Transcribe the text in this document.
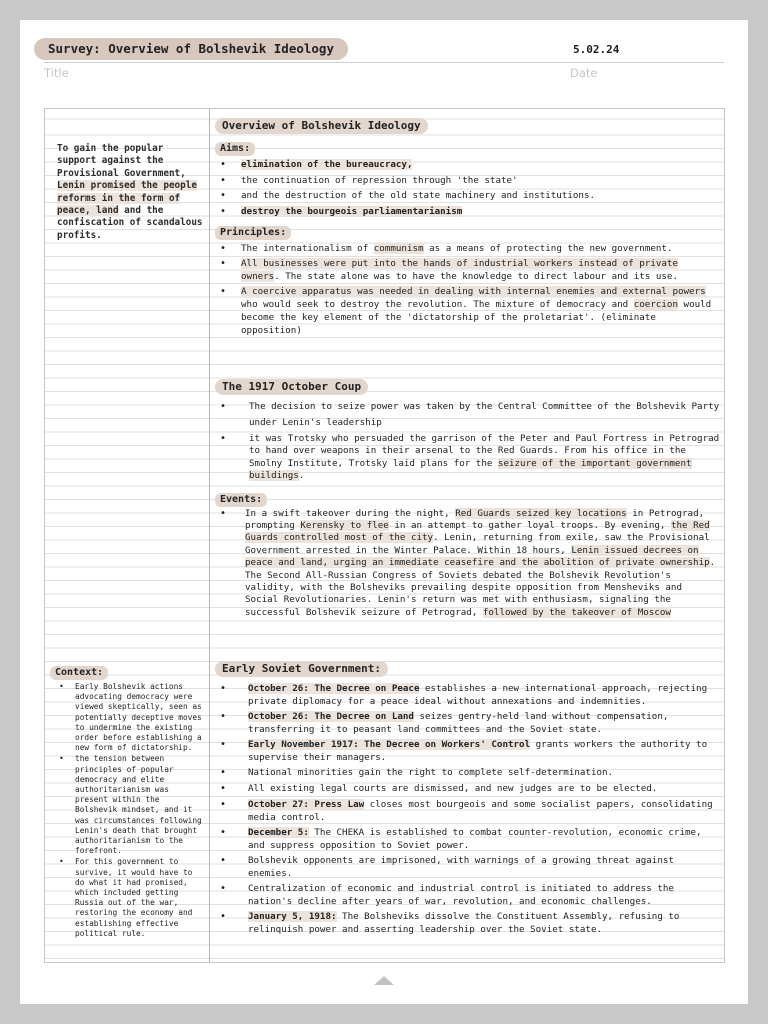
Survey: Overview of Bolshevik Ideology	5.02.24
Title	Date
To gain the popular support against the Provisional Government, Lenin promised the people reforms in the form of peace, land and the confiscation of scandalous profits.
Overview of Bolshevik Ideology
Aims:
• elimination of the bureaucracy,
• the continuation of repression through 'the state'
• and the destruction of the old state machinery and institutions.
• destroy the bourgeois parliamentarianism
Principles:
• The internationalism of communism as a means of protecting the new government.
• All businesses were put into the hands of industrial workers instead of private owners. The state alone was to have the knowledge to direct labour and its use.
• A coercive apparatus was needed in dealing with internal enemies and external powers who would seek to destroy the revolution. The mixture of democracy and coercion would become the key element of the 'dictatorship of the proletariat'. (eliminate opposition)
The 1917 October Coup
• The decision to seize power was taken by the Central Committee of the Bolshevik Party under Lenin's leadership
• it was Trotsky who persuaded the garrison of the Peter and Paul Fortress in Petrograd to hand over weapons in their arsenal to the Red Guards. From his office in the Smolny Institute, Trotsky laid plans for the seizure of the important government buildings.
Events:
• In a swift takeover during the night, Red Guards seized key locations in Petrograd, prompting Kerensky to flee in an attempt to gather loyal troops. By evening, the Red Guards controlled most of the city. Lenin, returning from exile, saw the Provisional Government arrested in the Winter Palace. Within 18 hours, Lenin issued decrees on peace and land, urging an immediate ceasefire and the abolition of private ownership. The Second All-Russian Congress of Soviets debated the Bolshevik Revolution's validity, with the Bolsheviks prevailing despite opposition from Mensheviks and Social Revolutionaries. Lenin's return was met with enthusiasm, signaling the successful Bolshevik seizure of Petrograd, followed by the takeover of Moscow
Context:
• Early Bolshevik actions advocating democracy were viewed skeptically, seen as potentially deceptive moves to undermine the existing order before establishing a new form of dictatorship.
• the tension between principles of popular democracy and elite authoritarianism was present within the Bolshevik mindset, and it was circumstances following Lenin's death that brought authoritarianism to the forefront.
• For this government to survive, it would have to do what it had promised, which included getting Russia out of the war, restoring the economy and establishing effective political rule.
Early Soviet Government:
• October 26: The Decree on Peace establishes a new international approach, rejecting private diplomacy for a peace ideal without annexations and indemnities.
• October 26: The Decree on Land seizes gentry-held land without compensation, transferring it to peasant land committees and the Soviet state.
• Early November 1917: The Decree on Workers' Control grants workers the authority to supervise their managers.
• National minorities gain the right to complete self-determination.
• All existing legal courts are dismissed, and new judges are to be elected.
• October 27: Press Law closes most bourgeois and some socialist papers, consolidating media control.
• December 5: The CHEKA is established to combat counter-revolution, economic crime, and suppress opposition to Soviet power.
• Bolshevik opponents are imprisoned, with warnings of a growing threat against enemies.
• Centralization of economic and industrial control is initiated to address the nation's decline after years of war, revolution, and economic challenges.
• January 5, 1918: The Bolsheviks dissolve the Constituent Assembly, refusing to relinquish power and asserting leadership over the Soviet state.
